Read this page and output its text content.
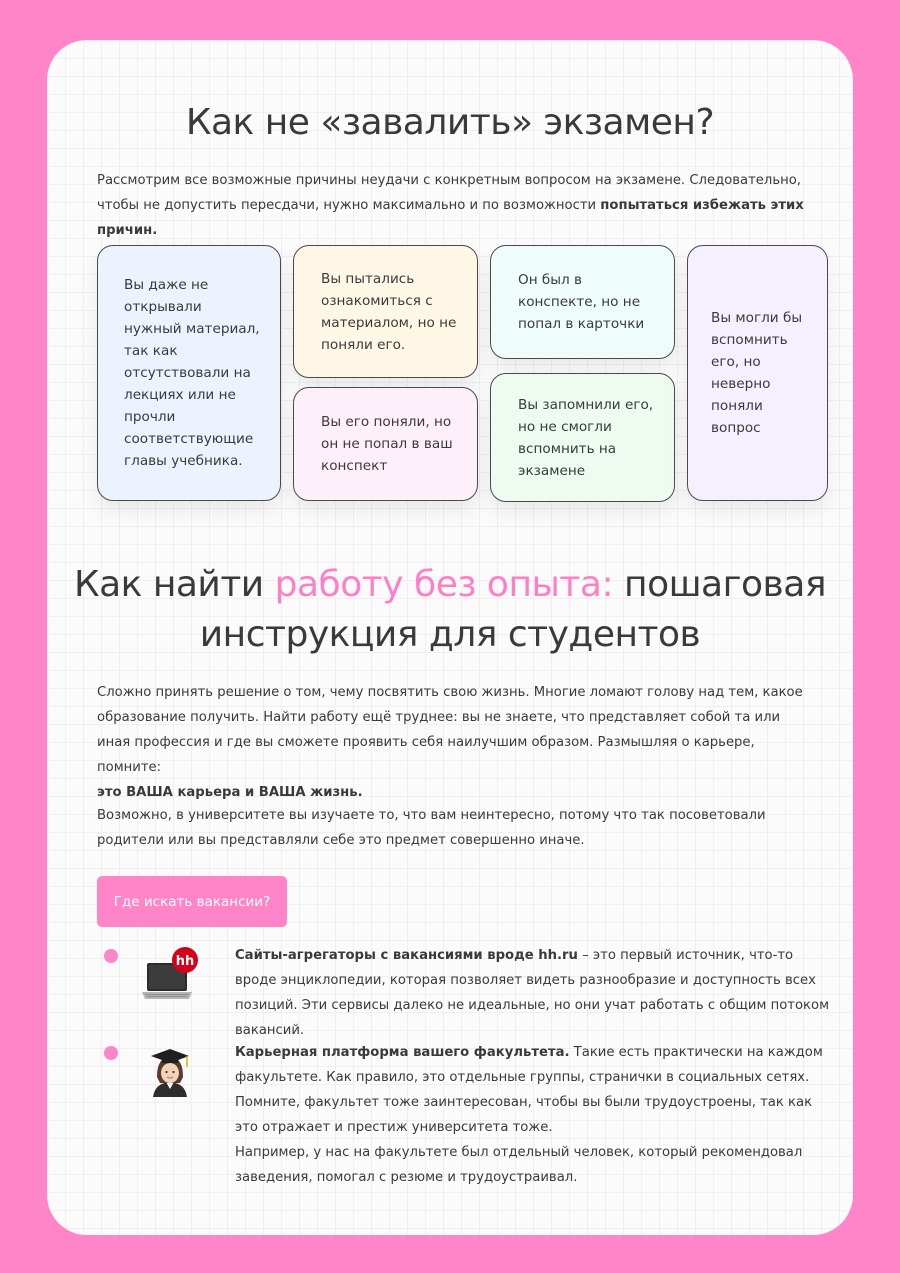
Как не «завалить» экзамен?

Рассмотрим все возможные причины неудачи с конкретным вопросом на экзамене. Следовательно, чтобы не допустить пересдачи, нужно максимально и по возможности попытаться избежать этих причин.

Вы даже не открывали нужный материал, так как отсутствовали на лекциях или не прочли соответствующие главы учебника.
Вы пытались ознакомиться с материалом, но не поняли его.
Вы его поняли, но он не попал в ваш конспект
Он был в конспекте, но не попал в карточки
Вы запомнили его, но не смогли вспомнить на экзамене
Вы могли бы вспомнить его, но неверно поняли вопрос
Как найти работу без опыта: пошаговая инструкция для студентов

Сложно принять решение о том, чему посвятить свою жизнь. Многие ломают голову над тем, какое образование получить. Найти работу ещё труднее: вы не знаете, что представляет собой та или иная профессия и где вы сможете проявить себя наилучшим образом. Размышляя о карьере, помните:
это ВАША карьера и ВАША жизнь.

Возможно, в университете вы изучаете то, что вам неинтересно, потому что так посоветовали родители или вы представляли себе это предмет совершенно иначе.

Где искать вакансии?
hh	Сайты-агрегаторы с вакансиями вроде hh.ru – это первый источник, что-то вроде энциклопедии, которая позволяет видеть разнообразие и доступность всех позиций. Эти сервисы далеко не идеальные, но они учат работать с общим потоком вакансий.

Карьерная платформа вашего факультета. Такие есть практически на каждом факультете. Как правило, это отдельные группы, странички в социальных сетях. Помните, факультет тоже заинтересован, чтобы вы были трудоустроены, так как это отражает и престиж университета тоже.
Например, у нас на факультете был отдельный человек, который рекомендовал заведения, помогал с резюме и трудоустраивал.
